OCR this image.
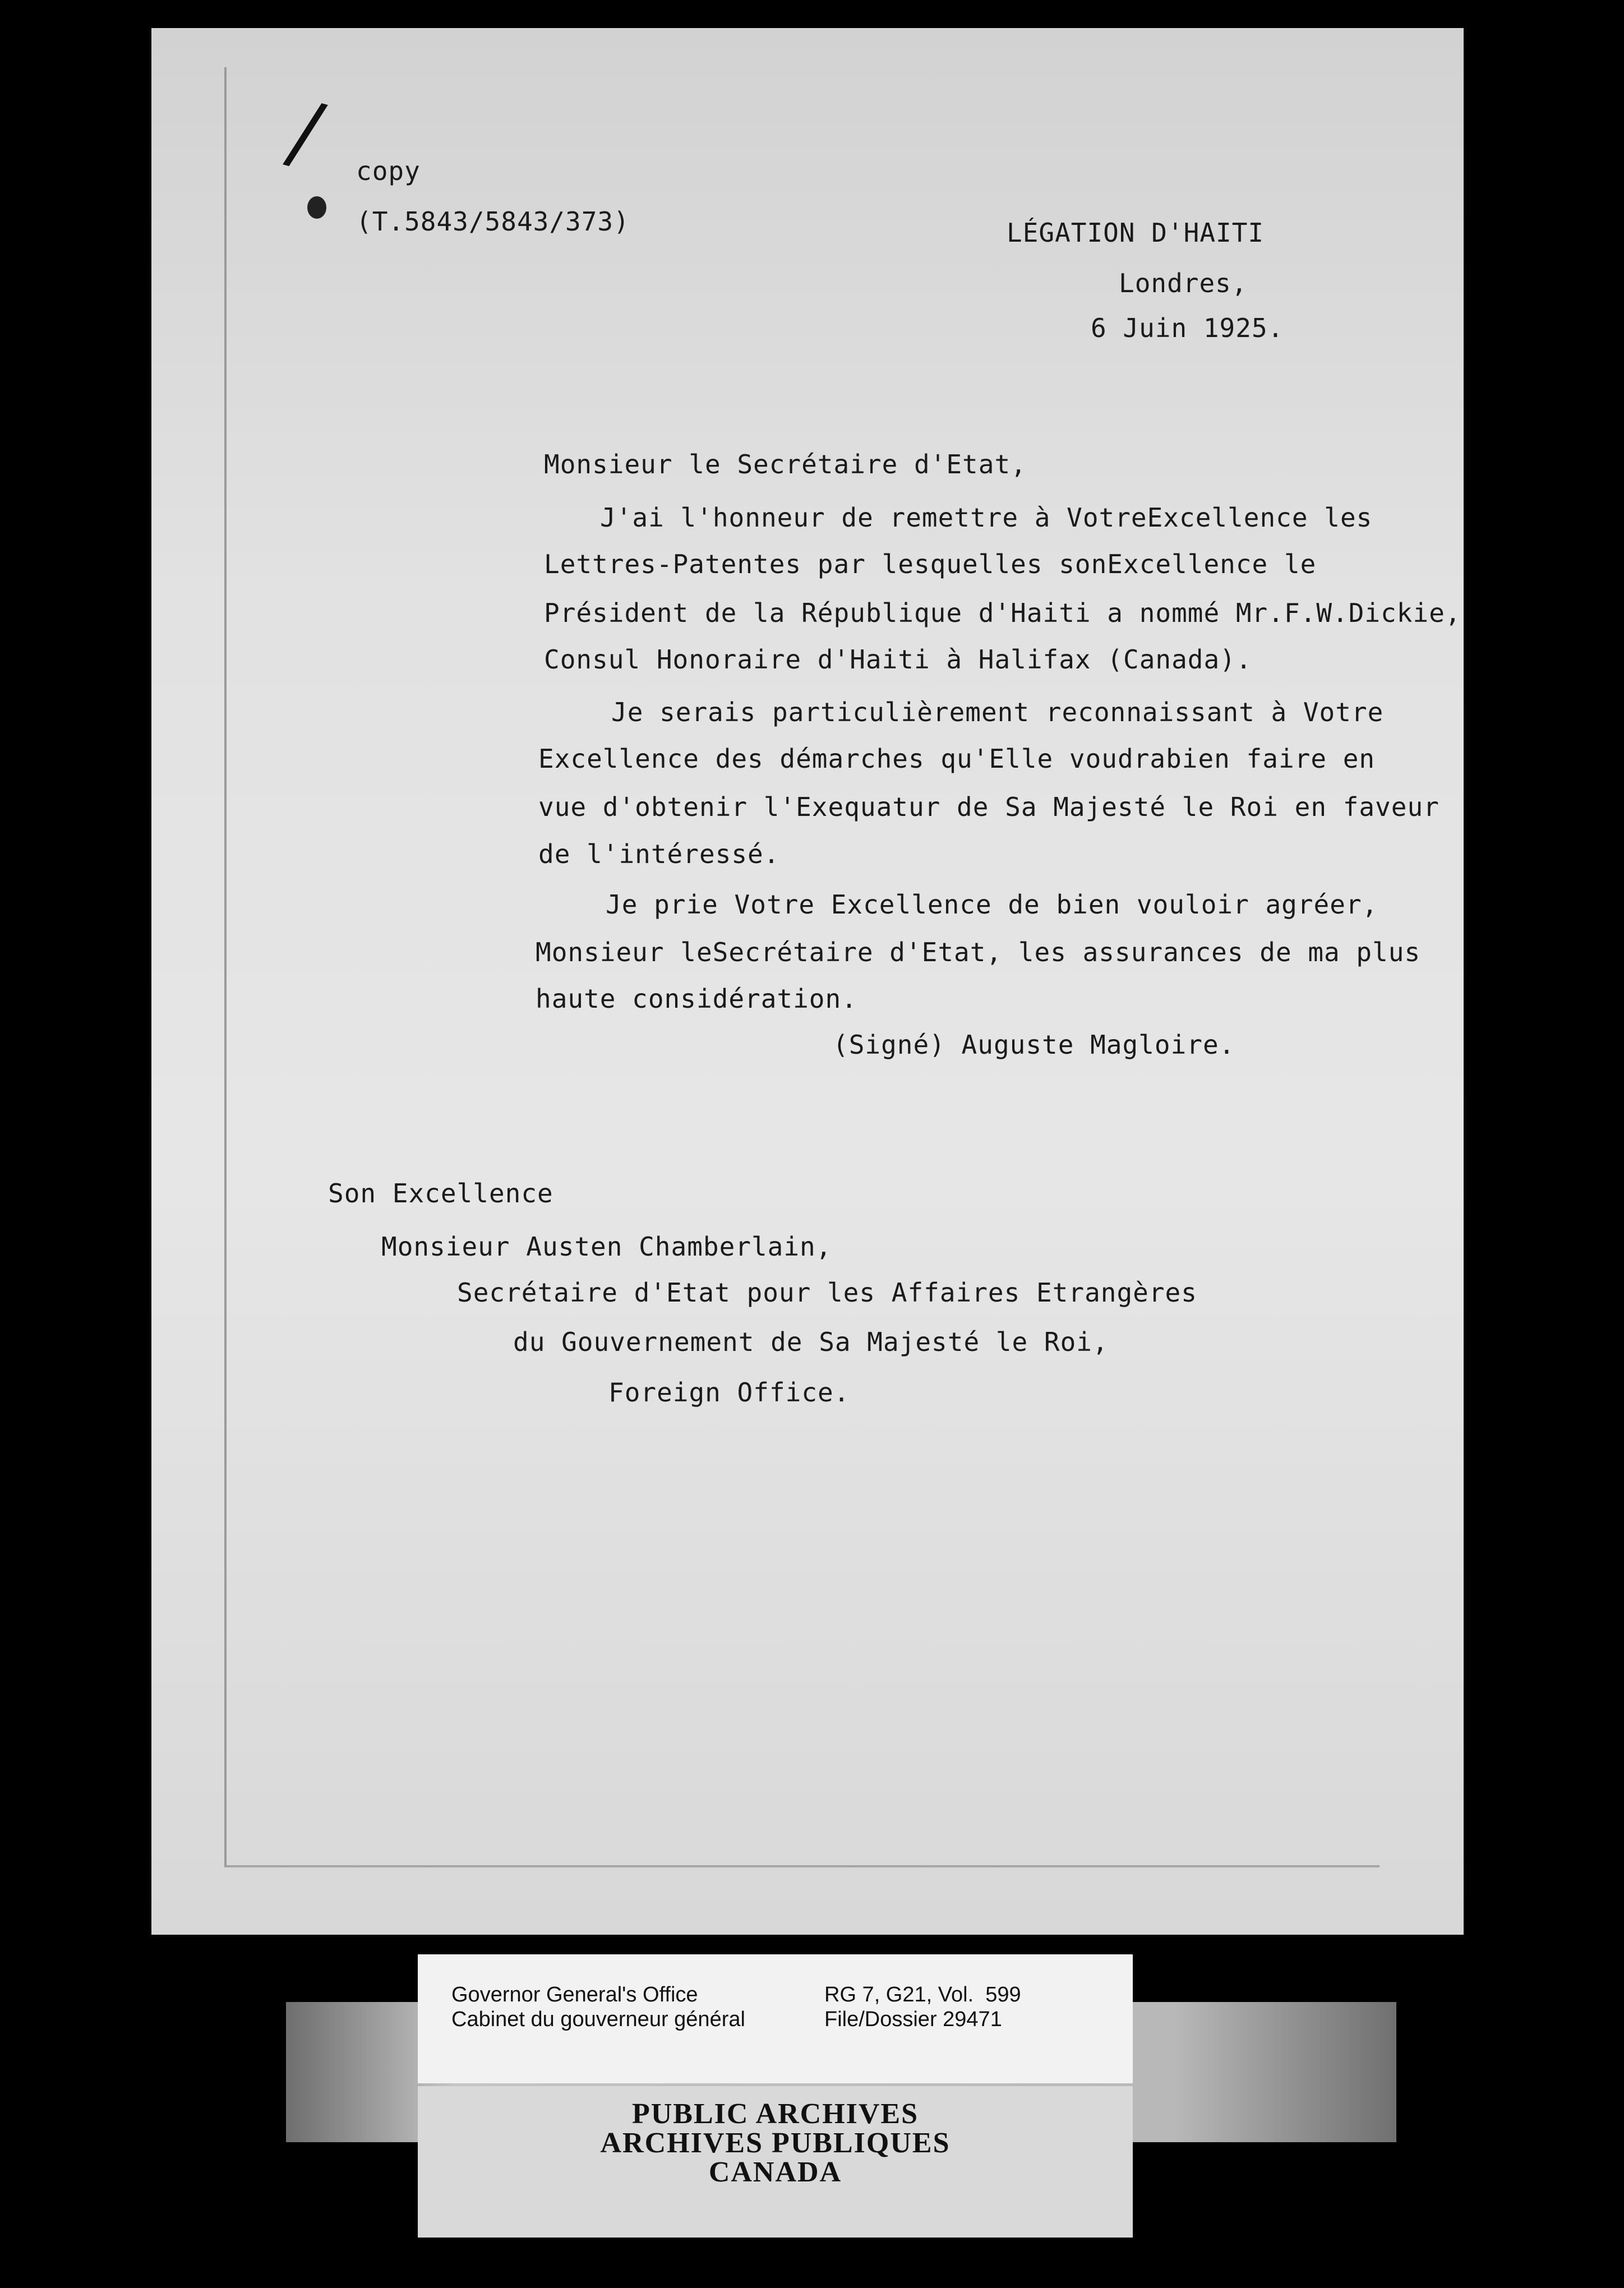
/ copy
(T.5843/5843/373)	LÉGATION D'HAITI
Londres,
6 Juin 1925.
Monsieur le Secrétaire d'Etat,
J'ai l'honneur de remettre à VotreExcellence les
Lettres-Patentes par lesquelles sonExcellence le
Président de la République d'Haiti a nommé Mr.F.W.Dickie,
Consul Honoraire d'Haiti à Halifax (Canada).
Je serais particulièrement reconnaissant à Votre
Excellence des démarches qu'Elle voudrabien faire en
vue d'obtenir l'Exequatur de Sa Majesté le Roi en faveur
de l'intéressé.
Je prie Votre Excellence de bien vouloir agréer,
Monsieur leSecrétaire d'Etat, les assurances de ma plus
haute considération.
(Signé) Auguste Magloire.
Son Excellence
Monsieur Austen Chamberlain,
Secrétaire d'Etat pour les Affaires Etrangères
du Gouvernement de Sa Majesté le Roi,
Foreign Office.
Governor General's Office
Cabinet du gouverneur général
RG 7, G21, Vol.  599
File/Dossier 29471
PUBLIC ARCHIVES
ARCHIVES PUBLIQUES
CANADA
